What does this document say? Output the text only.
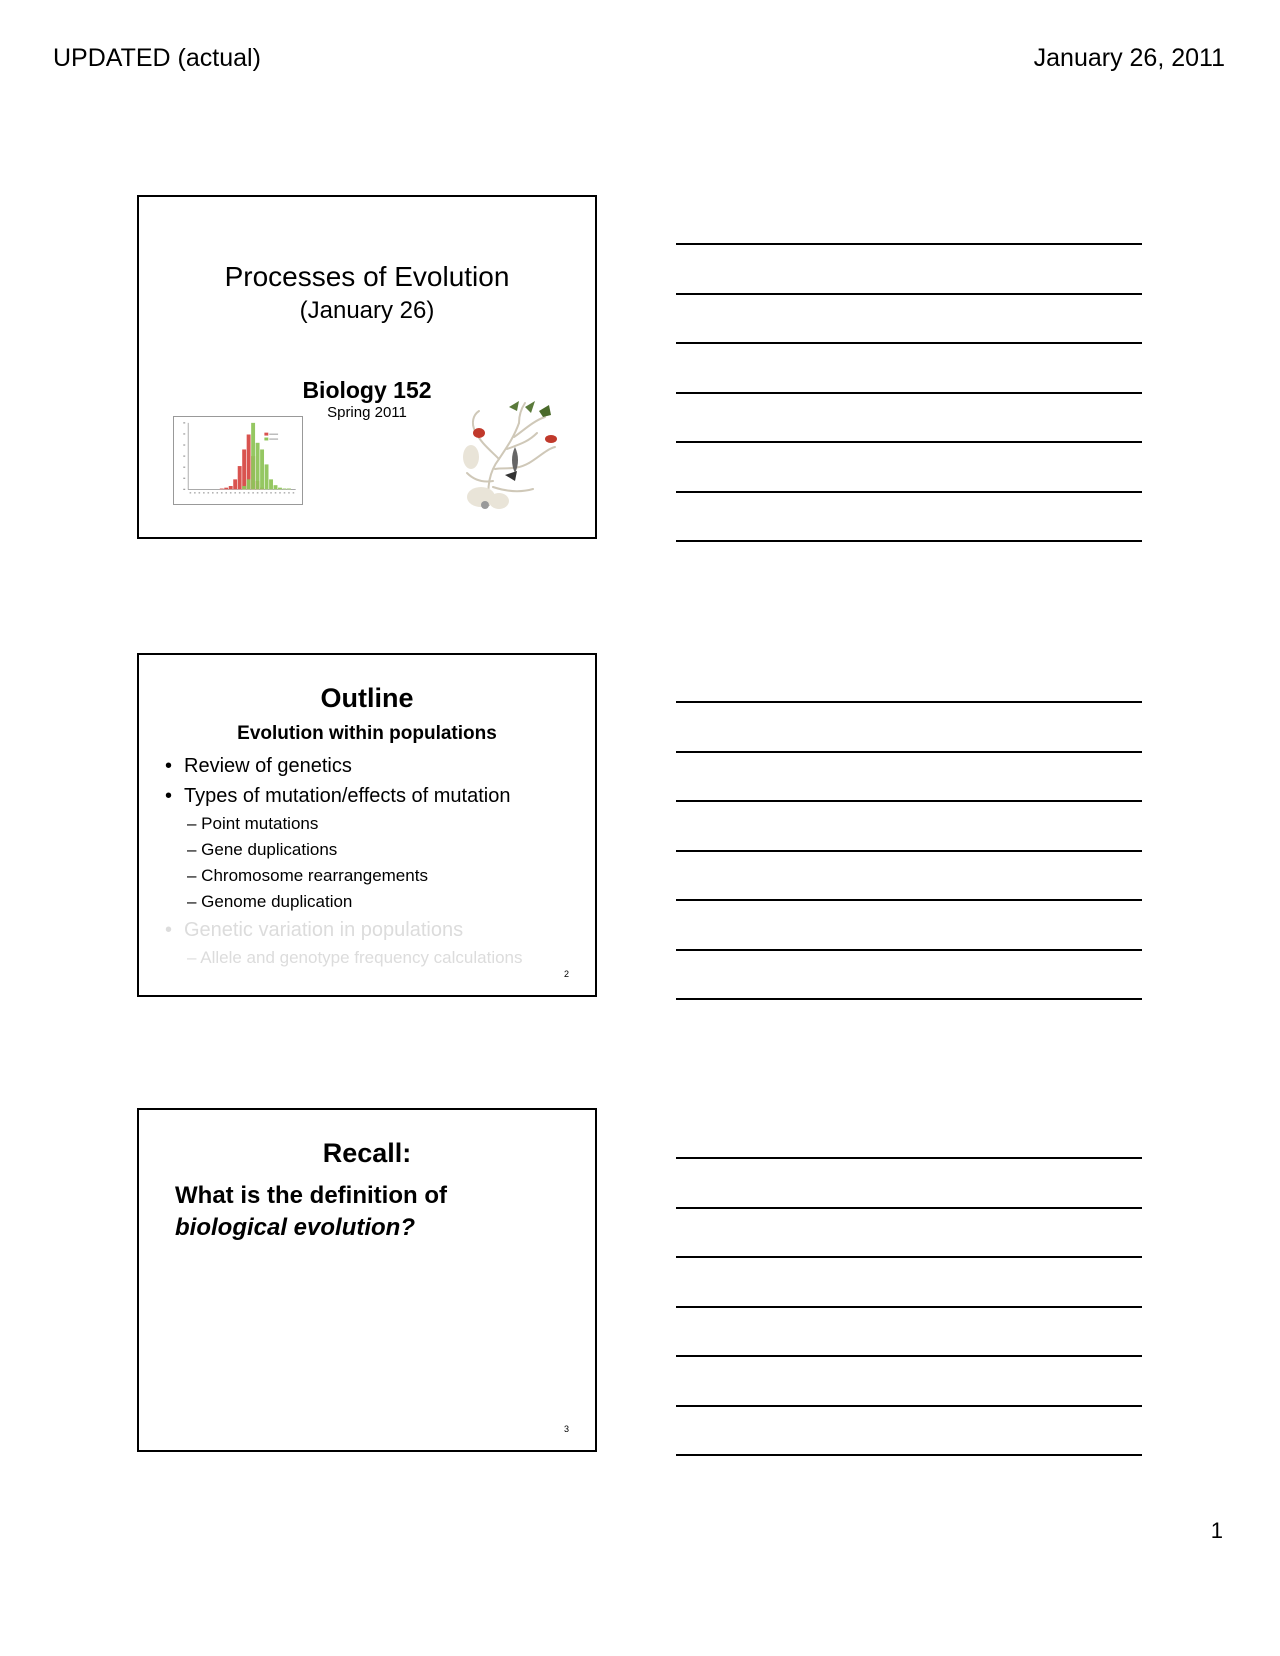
UPDATED (actual)	January 26, 2011
Processes of Evolution
(January 26)
Biology 152
Spring 2011
Outline
Evolution within populations
• Review of genetics
• Types of mutation/effects of mutation
– Point mutations
– Gene duplications
– Chromosome rearrangements
– Genome duplication
• Genetic variation in populations
– Allele and genotype frequency calculations
2
Recall:
What is the definition of
biological evolution?
3
1
